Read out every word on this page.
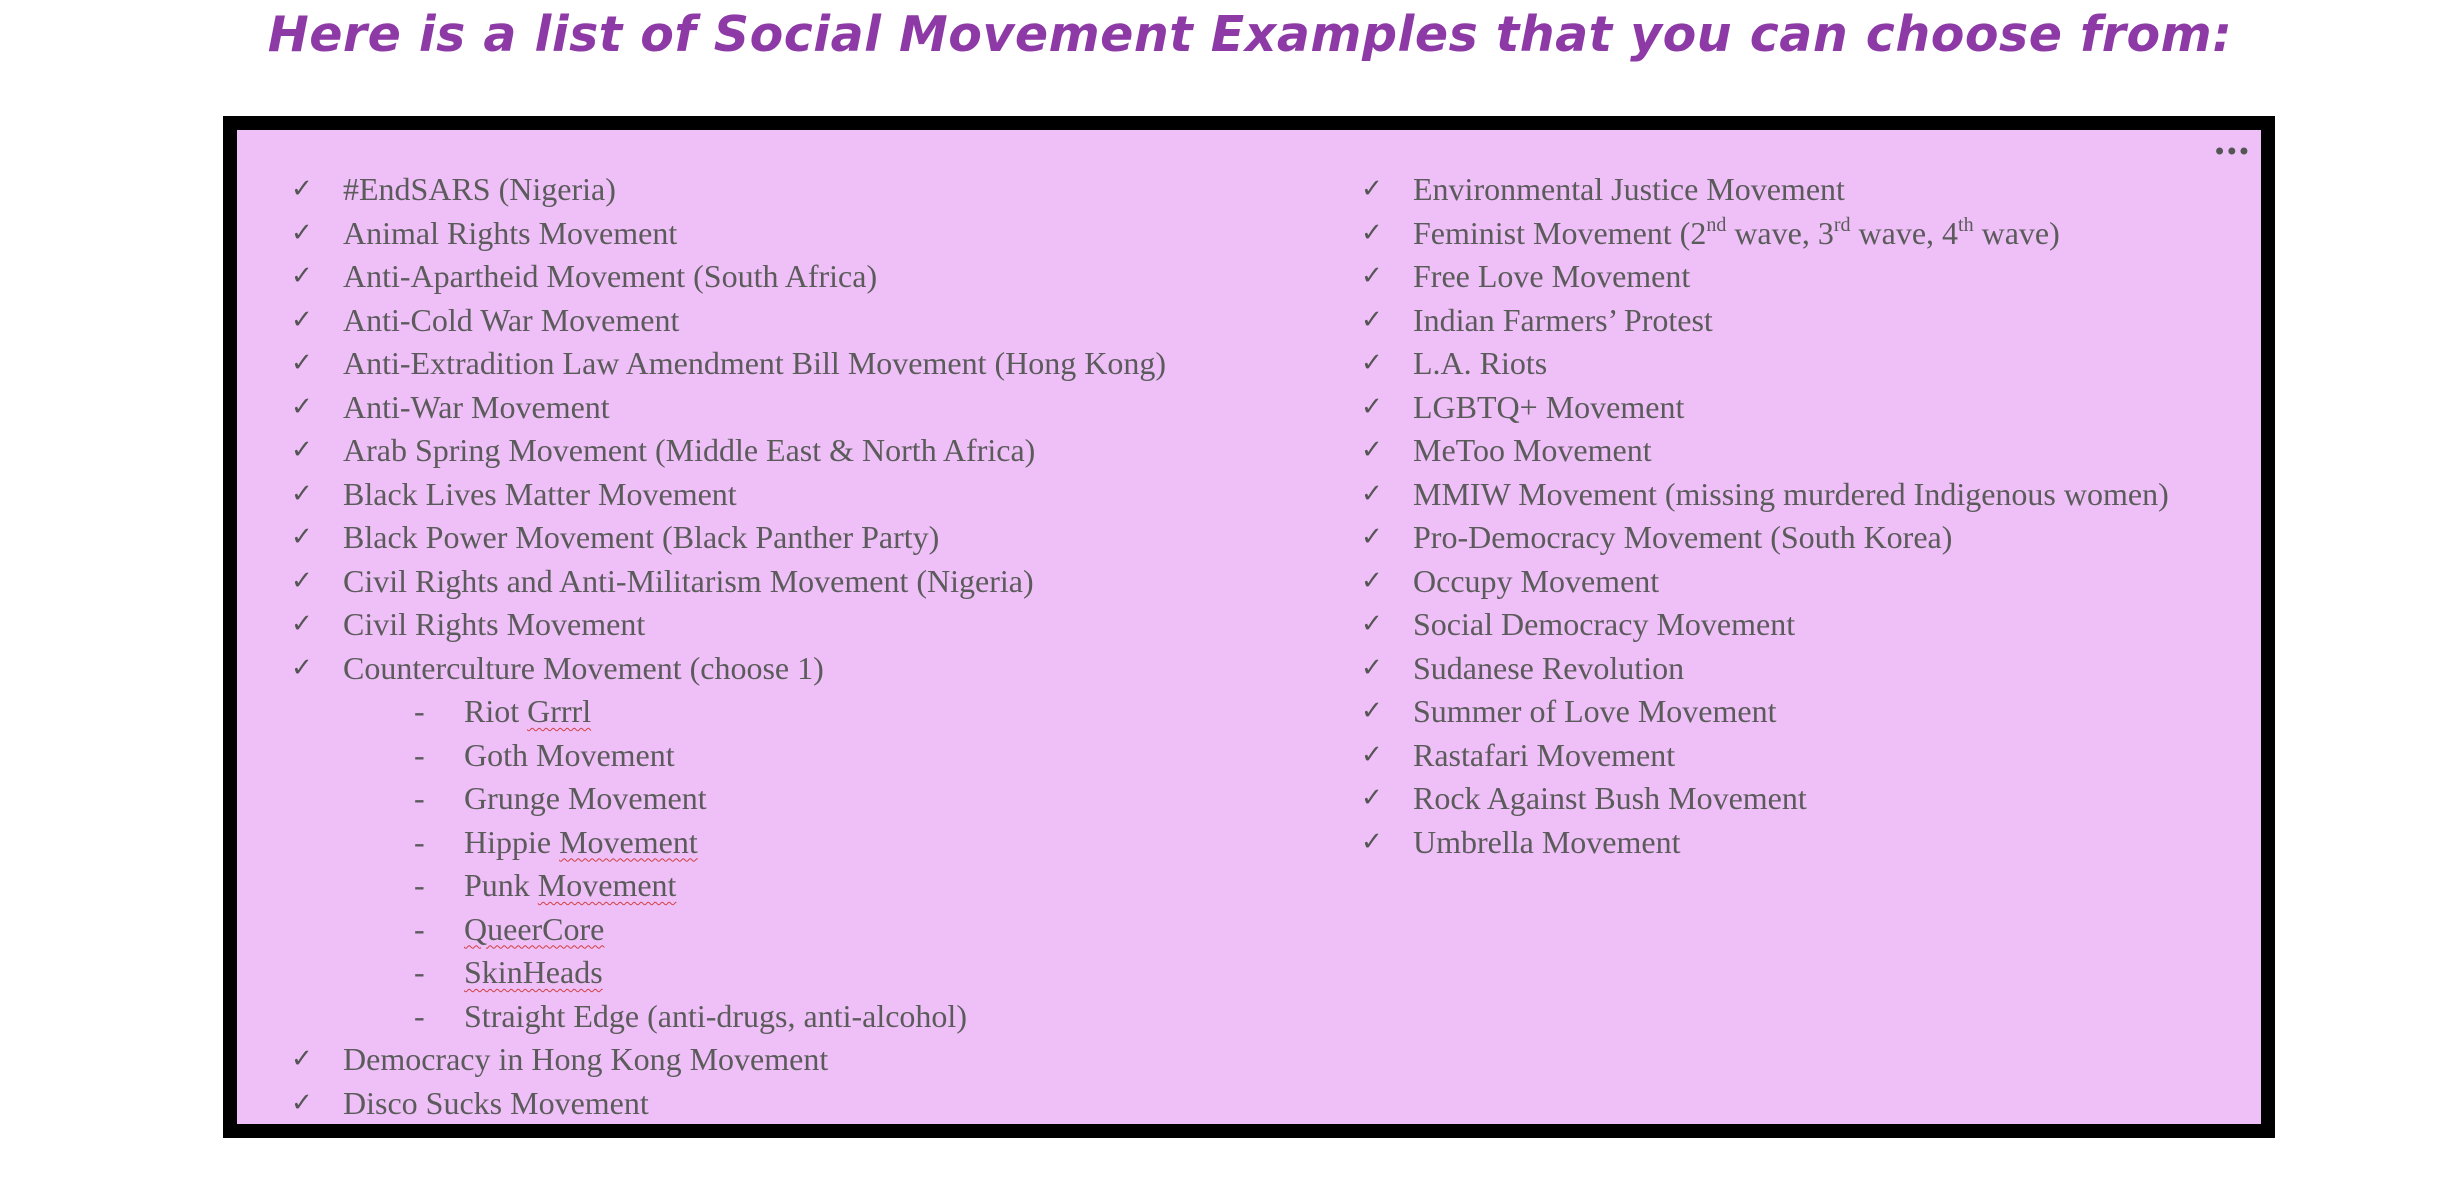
Here is a list of Social Movement Examples that you can choose from:
•••
✓ #EndSARS (Nigeria)
✓ Animal Rights Movement
✓ Anti-Apartheid Movement (South Africa)
✓ Anti-Cold War Movement
✓ Anti-Extradition Law Amendment Bill Movement (Hong Kong)
✓ Anti-War Movement
✓ Arab Spring Movement (Middle East & North Africa)
✓ Black Lives Matter Movement
✓ Black Power Movement (Black Panther Party)
✓ Civil Rights and Anti-Militarism Movement (Nigeria)
✓ Civil Rights Movement
✓ Counterculture Movement (choose 1)
- Riot Grrrl
- Goth Movement
- Grunge Movement
- Hippie Movement
- Punk Movement
- QueerCore
- SkinHeads
- Straight Edge (anti-drugs, anti-alcohol)
✓ Democracy in Hong Kong Movement
✓ Disco Sucks Movement
✓ Environmental Justice Movement
✓ Feminist Movement (2nd wave, 3rd wave, 4th wave)
✓ Free Love Movement
✓ Indian Farmers’ Protest
✓ L.A. Riots
✓ LGBTQ+ Movement
✓ MeToo Movement
✓ MMIW Movement (missing murdered Indigenous women)
✓ Pro-Democracy Movement (South Korea)
✓ Occupy Movement
✓ Social Democracy Movement
✓ Sudanese Revolution
✓ Summer of Love Movement
✓ Rastafari Movement
✓ Rock Against Bush Movement
✓ Umbrella Movement
